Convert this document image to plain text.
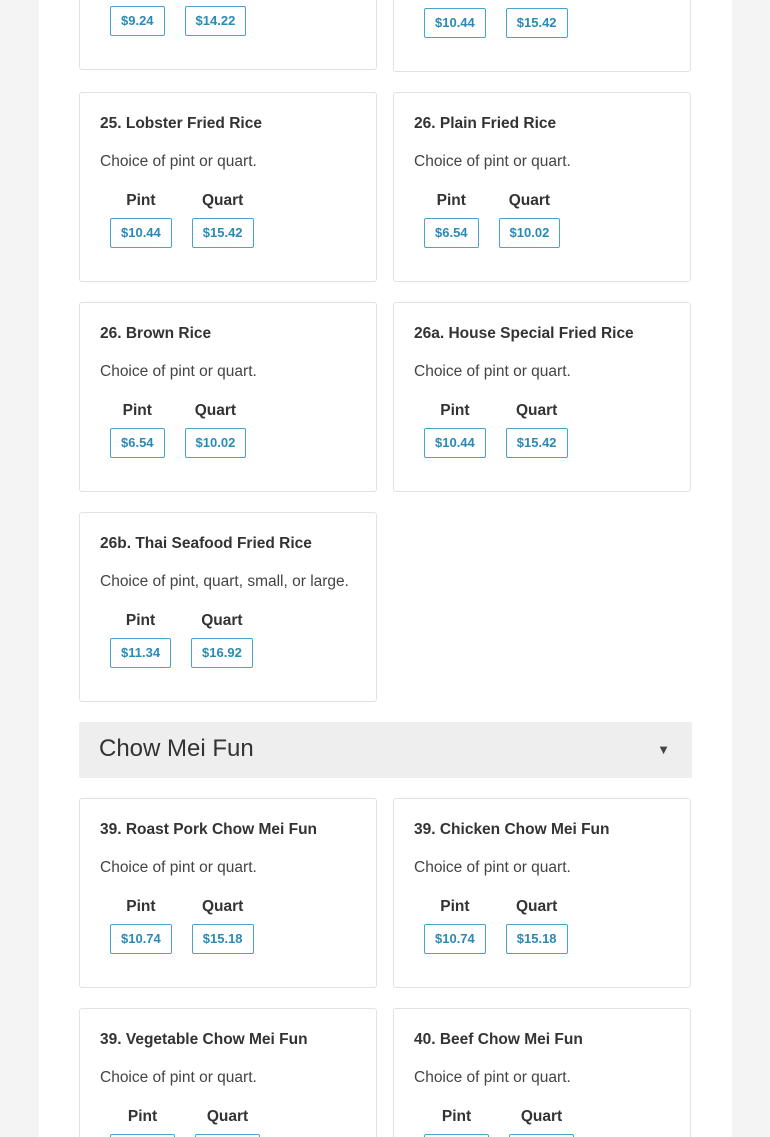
$9.24	$14.22	$10.44	$15.42
25. Lobster Fried Rice
Choice of pint or quart.
Pint
$10.44
Quart
$15.42
26. Plain Fried Rice
Choice of pint or quart.
Pint
$6.54
Quart
$10.02
26. Brown Rice
Choice of pint or quart.
Pint
$6.54
Quart
$10.02
26a. House Special Fried Rice
Choice of pint or quart.
Pint
$10.44
Quart
$15.42
26b. Thai Seafood Fried Rice
Choice of pint, quart, small, or large.
Pint
$11.34
Quart
$16.92
Chow Mei Fun	▼
39. Roast Pork Chow Mei Fun
Choice of pint or quart.
Pint
$10.74
Quart
$15.18
39. Chicken Chow Mei Fun
Choice of pint or quart.
Pint
$10.74
Quart
$15.18
39. Vegetable Chow Mei Fun
Choice of pint or quart.
Pint	Quart
40. Beef Chow Mei Fun
Choice of pint or quart.
Pint	Quart
